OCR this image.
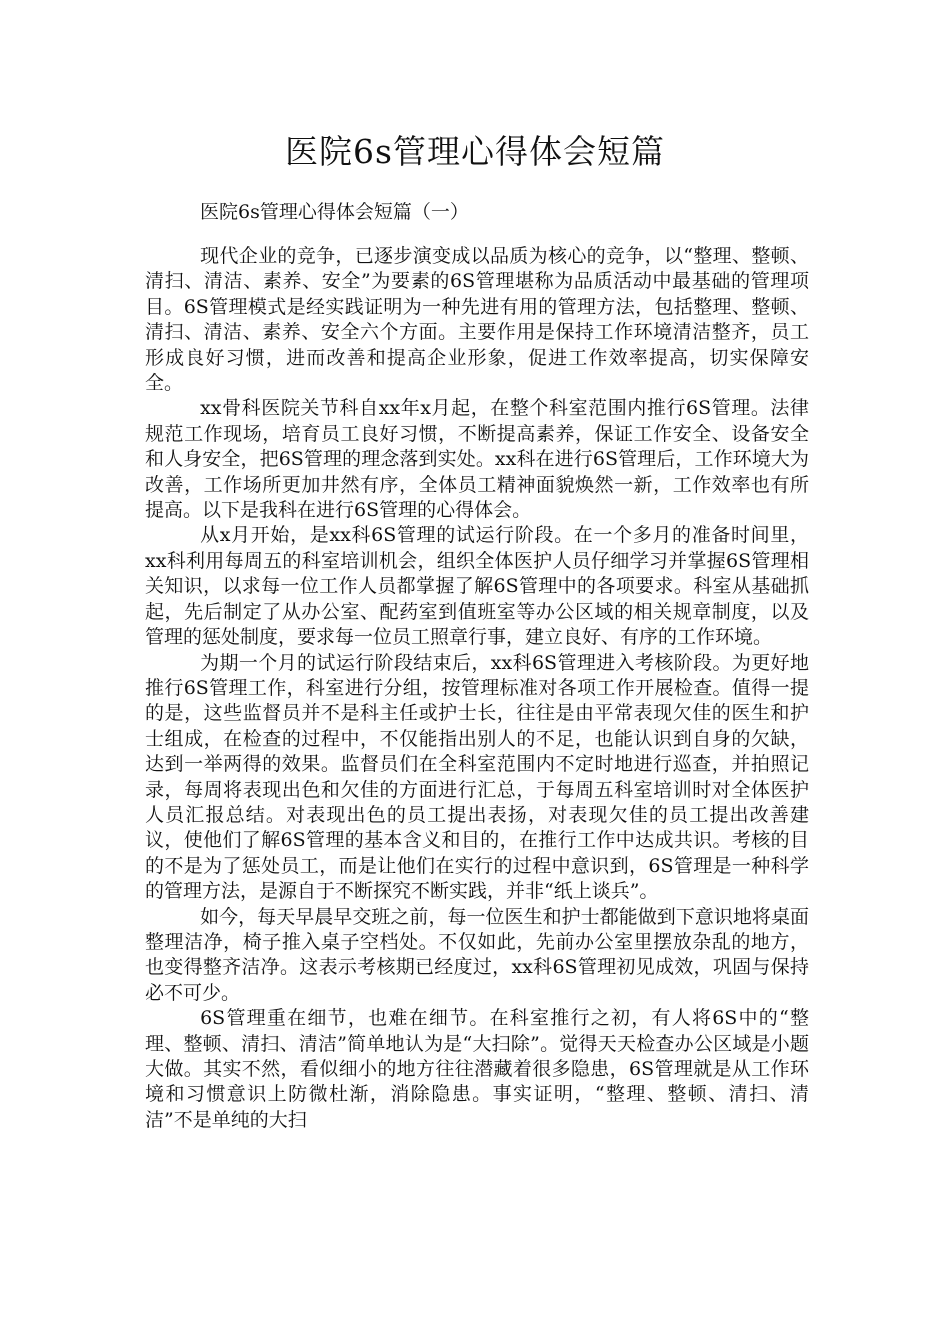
医院6s管理心得体会短篇
医院6s管理心得体会短篇（一）

现代企业的竞争，已逐步演变成以品质为核心的竞争，以“整理、整顿、清扫、清洁、素养、安全”为要素的6S管理堪称为品质活动中最基础的管理项目。6S管理模式是经实践证明为一种先进有用的管理方法，包括整理、整顿、清扫、清洁、素养、安全六个方面。主要作用是保持工作环境清洁整齐，员工形成良好习惯，进而改善和提高企业形象，促进工作效率提高，切实保障安全。

xx骨科医院关节科自xx年x月起，在整个科室范围内推行6S管理。法律规范工作现场，培育员工良好习惯，不断提高素养，保证工作安全、设备安全和人身安全，把6S管理的理念落到实处。xx科在进行6S管理后，工作环境大为改善，工作场所更加井然有序，全体员工精神面貌焕然一新，工作效率也有所提高。以下是我科在进行6S管理的心得体会。

从x月开始，是xx科6S管理的试运行阶段。在一个多月的准备时间里，xx科利用每周五的科室培训机会，组织全体医护人员仔细学习并掌握6S管理相关知识，以求每一位工作人员都掌握了解6S管理中的各项要求。科室从基础抓起，先后制定了从办公室、配药室到值班室等办公区域的相关规章制度，以及管理的惩处制度，要求每一位员工照章行事，建立良好、有序的工作环境。

为期一个月的试运行阶段结束后，xx科6S管理进入考核阶段。为更好地推行6S管理工作，科室进行分组，按管理标准对各项工作开展检查。值得一提的是，这些监督员并不是科主任或护士长，往往是由平常表现欠佳的医生和护士组成，在检查的过程中，不仅能指出别人的不足，也能认识到自身的欠缺，达到一举两得的效果。监督员们在全科室范围内不定时地进行巡查，并拍照记录，每周将表现出色和欠佳的方面进行汇总，于每周五科室培训时对全体医护人员汇报总结。对表现出色的员工提出表扬，对表现欠佳的员工提出改善建议，使他们了解6S管理的基本含义和目的，在推行工作中达成共识。考核的目的不是为了惩处员工，而是让他们在实行的过程中意识到，6S管理是一种科学的管理方法，是源自于不断探究不断实践，并非“纸上谈兵”。

如今，每天早晨早交班之前，每一位医生和护士都能做到下意识地将桌面整理洁净，椅子推入桌子空档处。不仅如此，先前办公室里摆放杂乱的地方，也变得整齐洁净。这表示考核期已经度过，xx科6S管理初见成效，巩固与保持必不可少。

6S管理重在细节，也难在细节。在科室推行之初，有人将6S中的“整理、整顿、清扫、清洁”简单地认为是“大扫除”。觉得天天检查办公区域是小题大做。其实不然，看似细小的地方往往潜藏着很多隐患，6S管理就是从工作环境和习惯意识上防微杜渐，消除隐患。事实证明，“整理、整顿、清扫、清洁”不是单纯的大扫
